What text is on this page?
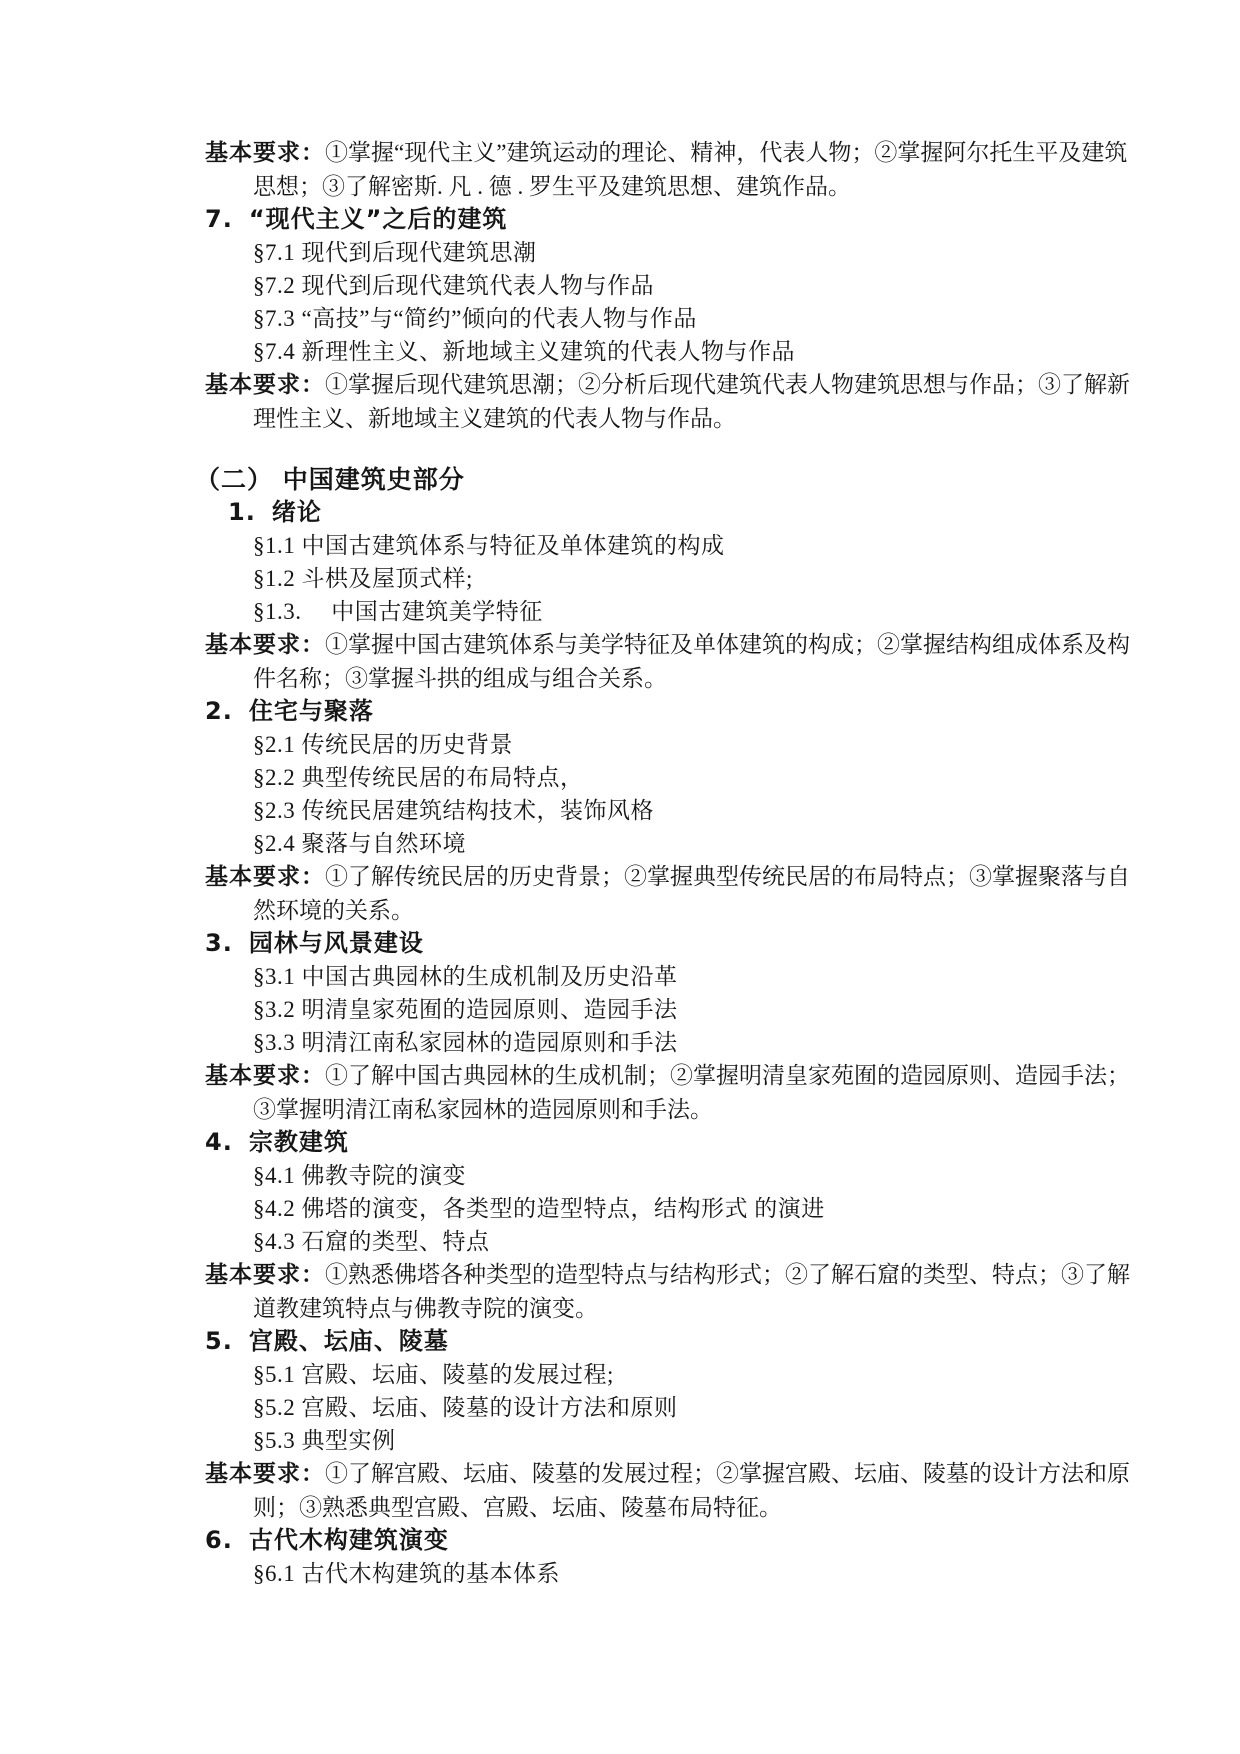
基本要求：①掌握“现代主义”建筑运动的理论、精神，代表人物；②掌握阿尔托生平及建筑思想；③了解密斯. 凡 . 德 . 罗生平及建筑思想、建筑作品。

7. “现代主义”之后的建筑

§7.1 现代到后现代建筑思潮

§7.2 现代到后现代建筑代表人物与作品

§7.3 “高技”与“简约”倾向的代表人物与作品

§7.4 新理性主义、新地域主义建筑的代表人物与作品

基本要求：①掌握后现代建筑思潮；②分析后现代建筑代表人物建筑思想与作品；③了解新理性主义、新地域主义建筑的代表人物与作品。

（二） 中国建筑史部分

1. 绪论

§1.1 中国古建筑体系与特征及单体建筑的构成

§1.2 斗栱及屋顶式样;

§1.3.　 中国古建筑美学特征

基本要求：①掌握中国古建筑体系与美学特征及单体建筑的构成；②掌握结构组成体系及构件名称；③掌握斗拱的组成与组合关系。

2. 住宅与聚落

§2.1 传统民居的历史背景

§2.2 典型传统民居的布局特点，

§2.3 传统民居建筑结构技术，装饰风格

§2.4 聚落与自然环境

基本要求：①了解传统民居的历史背景；②掌握典型传统民居的布局特点；③掌握聚落与自然环境的关系。

3. 园林与风景建设

§3.1 中国古典园林的生成机制及历史沿革

§3.2 明清皇家苑囿的造园原则、造园手法

§3.3 明清江南私家园林的造园原则和手法

基本要求：①了解中国古典园林的生成机制；②掌握明清皇家苑囿的造园原则、造园手法；③掌握明清江南私家园林的造园原则和手法。

4. 宗教建筑

§4.1 佛教寺院的演变

§4.2 佛塔的演变，各类型的造型特点，结构形式 的演进

§4.3 石窟的类型、特点

基本要求：①熟悉佛塔各种类型的造型特点与结构形式；②了解石窟的类型、特点；③了解道教建筑特点与佛教寺院的演变。

5. 宫殿、坛庙、陵墓

§5.1 宫殿、坛庙、陵墓的发展过程;

§5.2 宫殿、坛庙、陵墓的设计方法和原则

§5.3 典型实例

基本要求：①了解宫殿、坛庙、陵墓的发展过程；②掌握宫殿、坛庙、陵墓的设计方法和原则；③熟悉典型宫殿、宫殿、坛庙、陵墓布局特征。

6. 古代木构建筑演变

§6.1 古代木构建筑的基本体系
